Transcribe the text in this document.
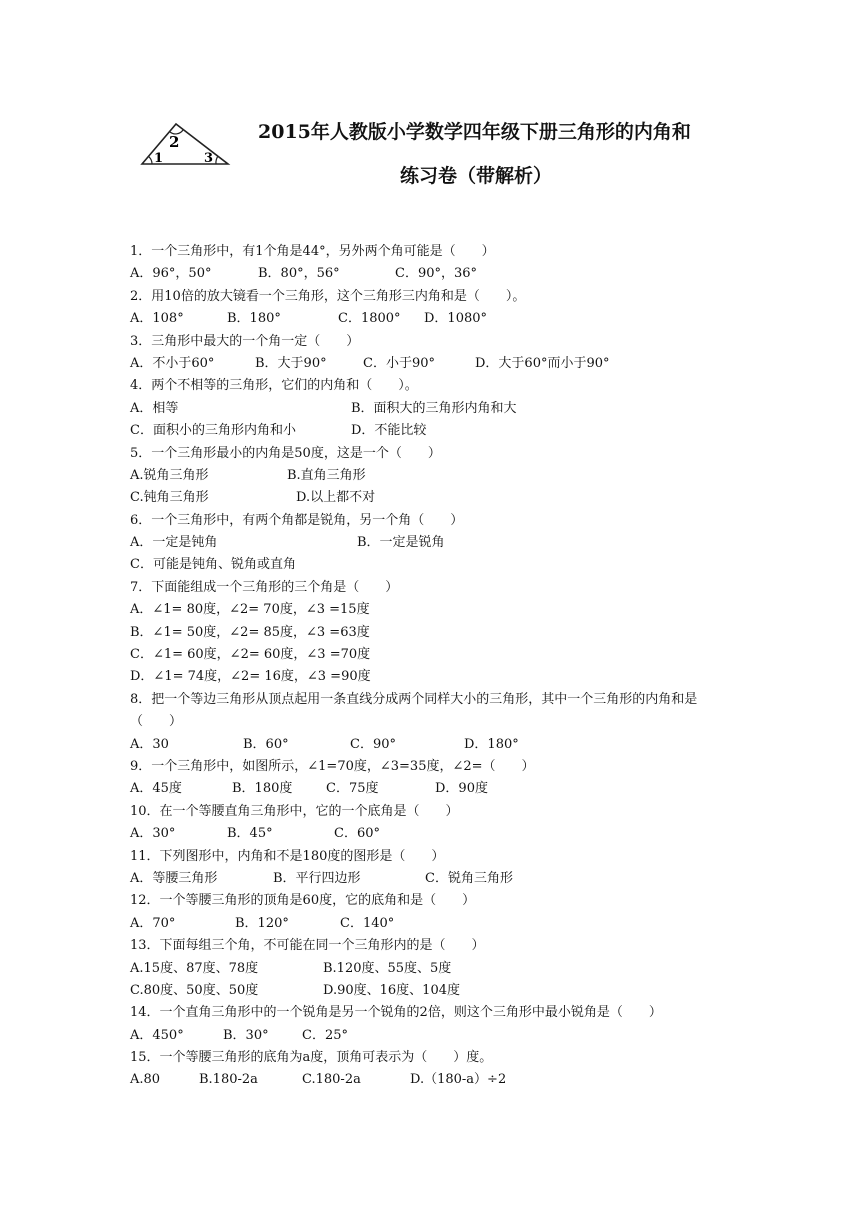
1
2
3
2015年人教版小学数学四年级下册三角形的内角和
练习卷（带解析）
1．一个三角形中，有1个角是44°，另外两个角可能是（　　）
A．96°，50°	B．80°，56°	C．90°，36°
2．用10倍的放大镜看一个三角形，这个三角形三内角和是（　　）。
A．108°	B．180°	C．1800° D．1080°
3．三角形中最大的一个角一定（　　）
A．不小于60°	B．大于90°	C．小于90°	D．大于60°而小于90°
4．两个不相等的三角形，它们的内角和（　　）。
A．相等	B．面积大的三角形内角和大
C．面积小的三角形内角和小	D．不能比较
5．一个三角形最小的内角是50度，这是一个（　　）
A.锐角三角形	B.直角三角形
C.钝角三角形	D.以上都不对
6．一个三角形中，有两个角都是锐角，另一个角（　　）
A．一定是钝角	B．一定是锐角
C．可能是钝角、锐角或直角
7．下面能组成一个三角形的三个角是（　　）
A．∠1= 80度，∠2= 70度，∠3 =15度
B．∠1= 50度，∠2= 85度，∠3 =63度
C．∠1= 60度，∠2= 60度，∠3 =70度
D．∠1= 74度，∠2= 16度，∠3 =90度
8．把一个等边三角形从顶点起用一条直线分成两个同样大小的三角形，其中一个三角形的内角和是（　　）
A．30	B．60°	C．90°	D．180°
9．一个三角形中，如图所示，∠1=70度，∠3=35度，∠2=（　　）
A．45度	B．180度	C．75度	D．90度
10．在一个等腰直角三角形中，它的一个底角是（　　）
A．30°	B．45°	C．60°
11．下列图形中，内角和不是180度的图形是（　　）
A．等腰三角形	B．平行四边形	C．锐角三角形
12．一个等腰三角形的顶角是60度，它的底角和是（　　）
A．70°	B．120°	C．140°
13．下面每组三个角，不可能在同一个三角形内的是（　　）
A.15度、87度、78度	B.120度、55度、5度
C.80度、50度、50度	D.90度、16度、104度
14．一个直角三角形中的一个锐角是另一个锐角的2倍，则这个三角形中最小锐角是（　　）
A．450°	B．30°	C．25°
15．一个等腰三角形的底角为a度，顶角可表示为（　　）度。
A.80	B.180-2a	C.180-2a	D.（180-a）÷2
